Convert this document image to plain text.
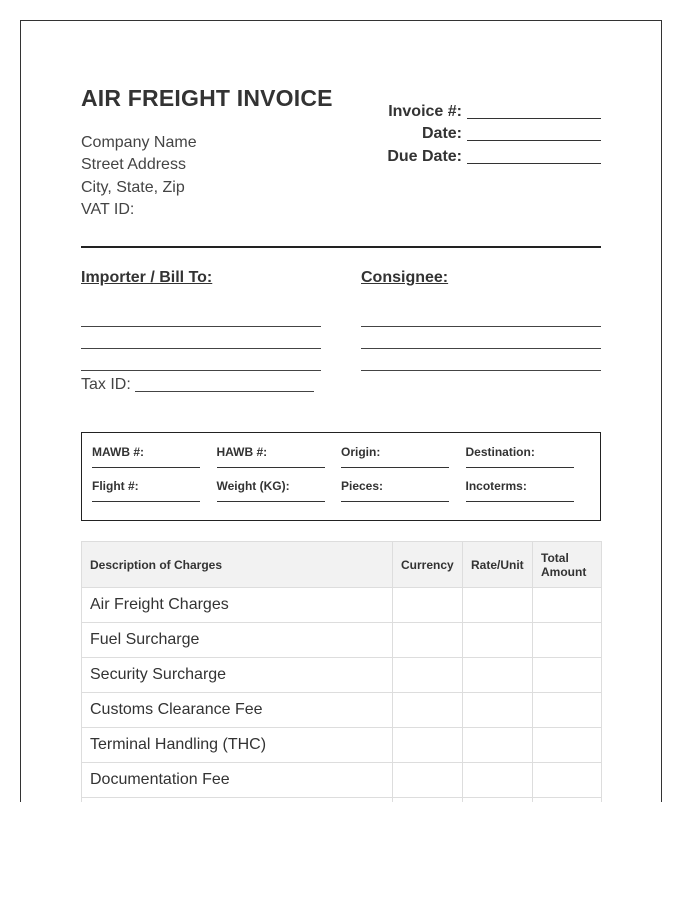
AIR FREIGHT INVOICE
Company Name
Street Address
City, State, Zip
VAT ID:
Invoice #:
Date:
Due Date:
Importer / Bill To:	Consignee:
Tax ID:
MAWB #:	HAWB #:	Origin:	Destination:
Flight #:	Weight (KG):	Pieces:	Incoterms:
Description of Charges	Currency	Rate/Unit	Total Amount
Air Freight Charges			
Fuel Surcharge			
Security Surcharge			
Customs Clearance Fee			
Terminal Handling (THC)			
Documentation Fee			
